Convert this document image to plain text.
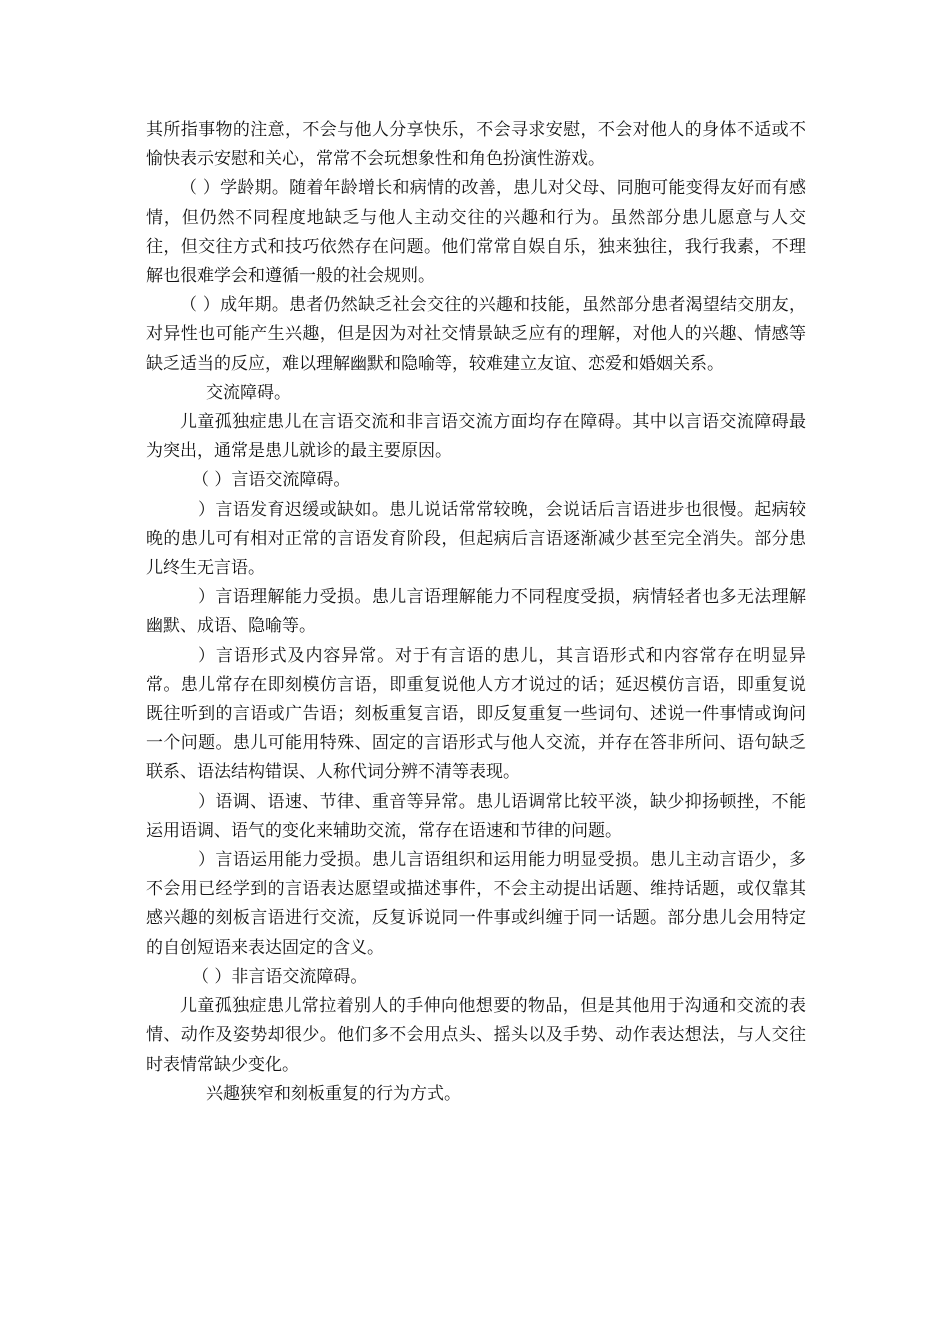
其所指事物的注意，不会与他人分享快乐，不会寻求安慰，不会对他人的身体不适或不愉快表示安慰和关心，常常不会玩想象性和角色扮演性游戏。

（ ）学龄期。随着年龄增长和病情的改善，患儿对父母、同胞可能变得友好而有感情，但仍然不同程度地缺乏与他人主动交往的兴趣和行为。虽然部分患儿愿意与人交往，但交往方式和技巧依然存在问题。他们常常自娱自乐，独来独往，我行我素，不理解也很难学会和遵循一般的社会规则。

（ ）成年期。患者仍然缺乏社会交往的兴趣和技能，虽然部分患者渴望结交朋友，对异性也可能产生兴趣，但是因为对社交情景缺乏应有的理解，对他人的兴趣、情感等缺乏适当的反应，难以理解幽默和隐喻等，较难建立友谊、恋爱和婚姻关系。

交流障碍。

儿童孤独症患儿在言语交流和非言语交流方面均存在障碍。其中以言语交流障碍最为突出，通常是患儿就诊的最主要原因。

（ ）言语交流障碍。

）言语发育迟缓或缺如。患儿说话常常较晚，会说话后言语进步也很慢。起病较晚的患儿可有相对正常的言语发育阶段，但起病后言语逐渐减少甚至完全消失。部分患儿终生无言语。

）言语理解能力受损。患儿言语理解能力不同程度受损，病情轻者也多无法理解幽默、成语、隐喻等。

）言语形式及内容异常。对于有言语的患儿，其言语形式和内容常存在明显异常。患儿常存在即刻模仿言语，即重复说他人方才说过的话；延迟模仿言语，即重复说既往听到的言语或广告语；刻板重复言语，即反复重复一些词句、述说一件事情或询问一个问题。患儿可能用特殊、固定的言语形式与他人交流，并存在答非所问、语句缺乏联系、语法结构错误、人称代词分辨不清等表现。

）语调、语速、节律、重音等异常。患儿语调常比较平淡，缺少抑扬顿挫，不能运用语调、语气的变化来辅助交流，常存在语速和节律的问题。

）言语运用能力受损。患儿言语组织和运用能力明显受损。患儿主动言语少，多不会用已经学到的言语表达愿望或描述事件，不会主动提出话题、维持话题，或仅靠其感兴趣的刻板言语进行交流，反复诉说同一件事或纠缠于同一话题。部分患儿会用特定的自创短语来表达固定的含义。

（ ）非言语交流障碍。

儿童孤独症患儿常拉着别人的手伸向他想要的物品，但是其他用于沟通和交流的表情、动作及姿势却很少。他们多不会用点头、摇头以及手势、动作表达想法，与人交往时表情常缺少变化。

兴趣狭窄和刻板重复的行为方式。
